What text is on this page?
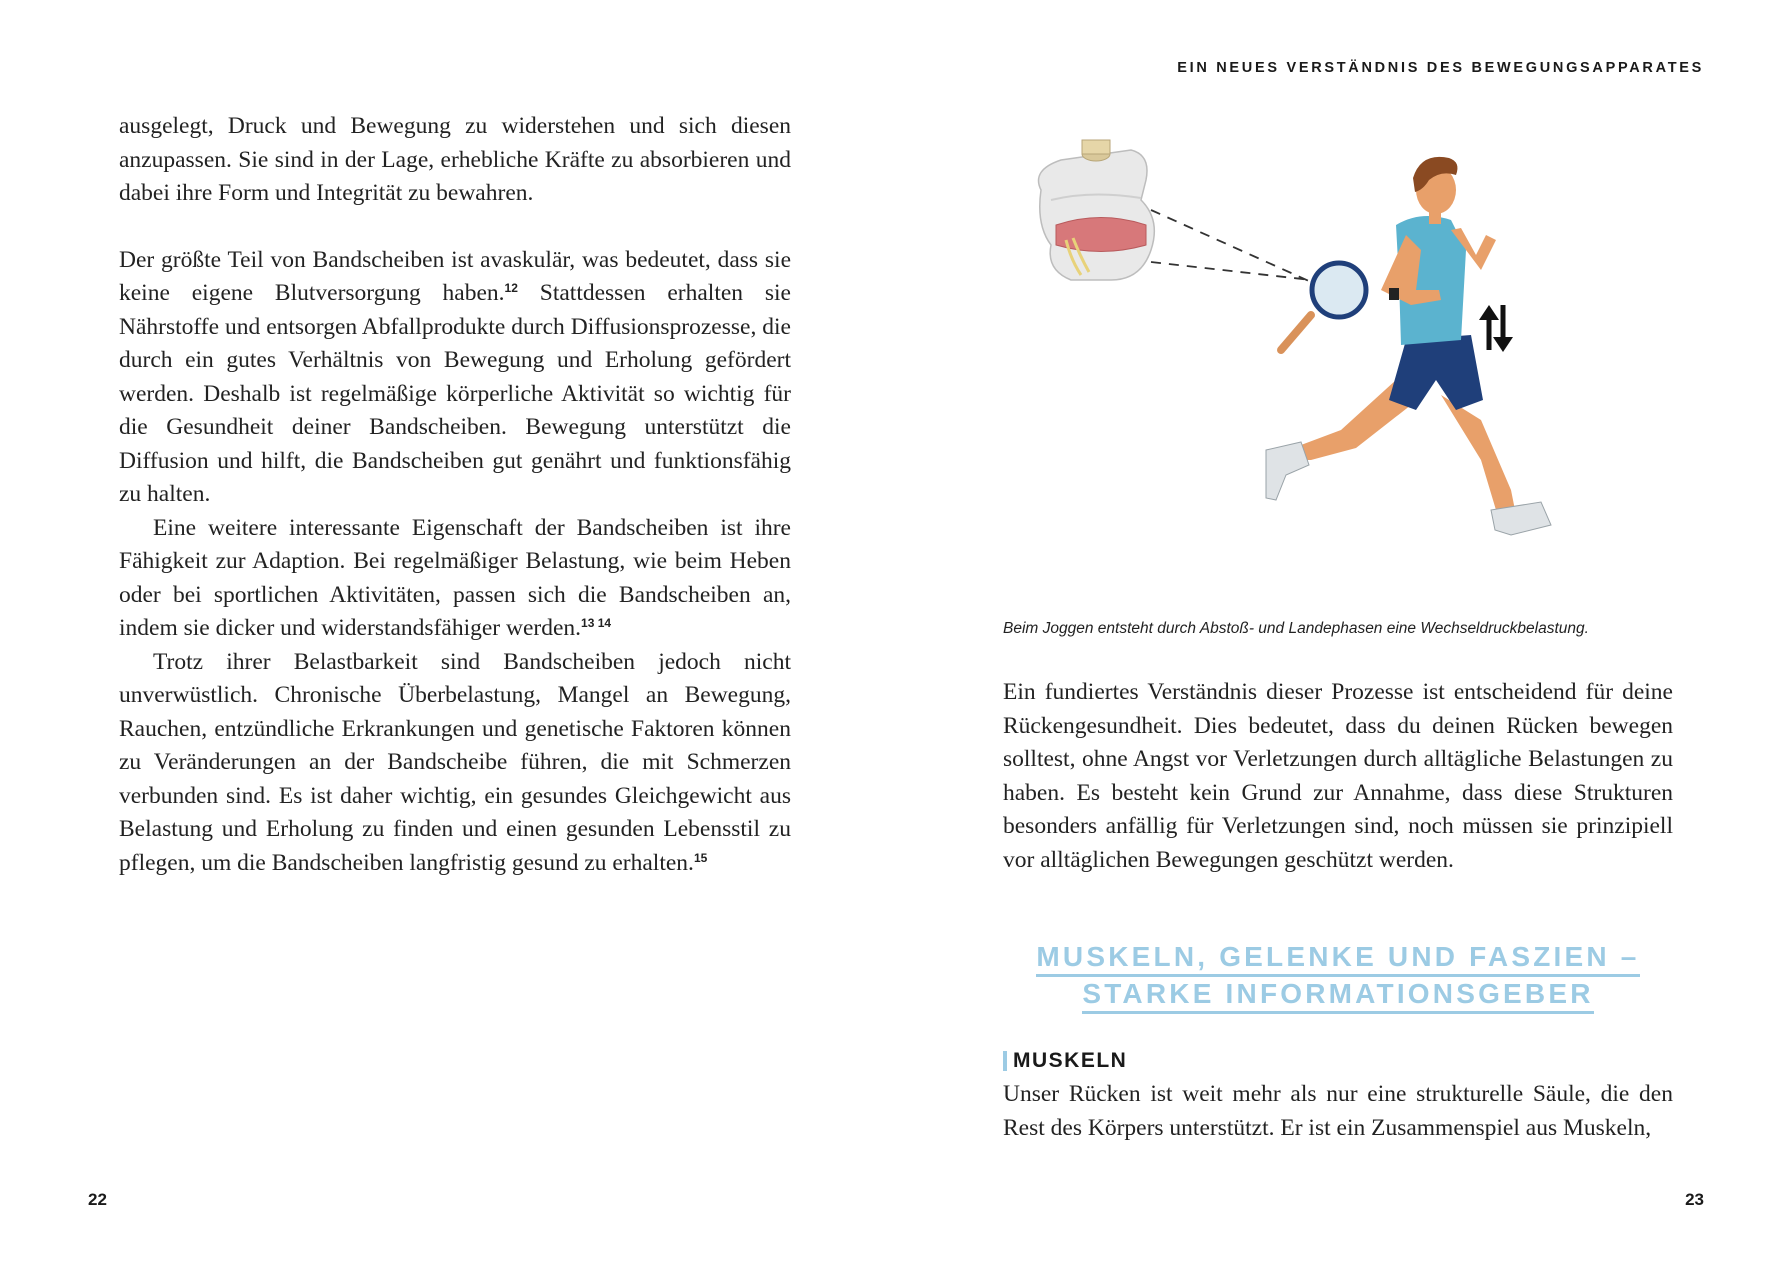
ausgelegt, Druck und Bewegung zu widerstehen und sich diesen anzupassen. Sie sind in der Lage, erhebliche Kräfte zu absorbieren und dabei ihre Form und Integrität zu bewahren.

Der größte Teil von Bandscheiben ist avaskulär, was bedeutet, dass sie keine eigene Blutversorgung haben.$^{12}$ Stattdessen erhalten sie Nährstoffe und entsorgen Abfallprodukte durch Diffusionsprozesse, die durch ein gutes Verhältnis von Bewegung und Erholung gefördert werden. Deshalb ist regelmäßige körperliche Aktivität so wichtig für die Gesundheit deiner Bandscheiben. Bewegung unterstützt die Diffusion und hilft, die Bandscheiben gut genährt und funktionsfähig zu halten.

Eine weitere interessante Eigenschaft der Bandscheiben ist ihre Fähigkeit zur Adaption. Bei regelmäßiger Belastung, wie beim Heben oder bei sportlichen Aktivitäten, passen sich die Bandscheiben an, indem sie dicker und widerstandsfähiger werden.$^{13 14}$

Trotz ihrer Belastbarkeit sind Bandscheiben jedoch nicht unverwüstlich. Chronische Überbelastung, Mangel an Bewegung, Rauchen, entzündliche Erkrankungen und genetische Faktoren können zu Veränderungen an der Bandscheibe führen, die mit Schmerzen verbunden sind. Es ist daher wichtig, ein gesundes Gleichgewicht aus Belastung und Erholung zu finden und einen gesunden Lebensstil zu pflegen, um die Bandscheiben langfristig gesund zu erhalten.$^{15}$

22
EIN NEUES VERSTÄNDNIS DES BEWEGUNGSAPPARATES
Beim Joggen entsteht durch Abstoß- und Landephasen eine Wechseldruckbelastung.

Ein fundiertes Verständnis dieser Prozesse ist entscheidend für deine Rückengesundheit. Dies bedeutet, dass du deinen Rücken bewegen solltest, ohne Angst vor Verletzungen durch alltägliche Belastungen zu haben. Es besteht kein Grund zur Annahme, dass diese Strukturen besonders anfällig für Verletzungen sind, noch müssen sie prinzipiell vor alltäglichen Bewegungen geschützt werden.

MUSKELN, GELENKE UND FASZIEN –
STARKE INFORMATIONSGEBER
MUSKELN

Unser Rücken ist weit mehr als nur eine strukturelle Säule, die den Rest des Körpers unterstützt. Er ist ein Zusammenspiel aus Muskeln,

23
